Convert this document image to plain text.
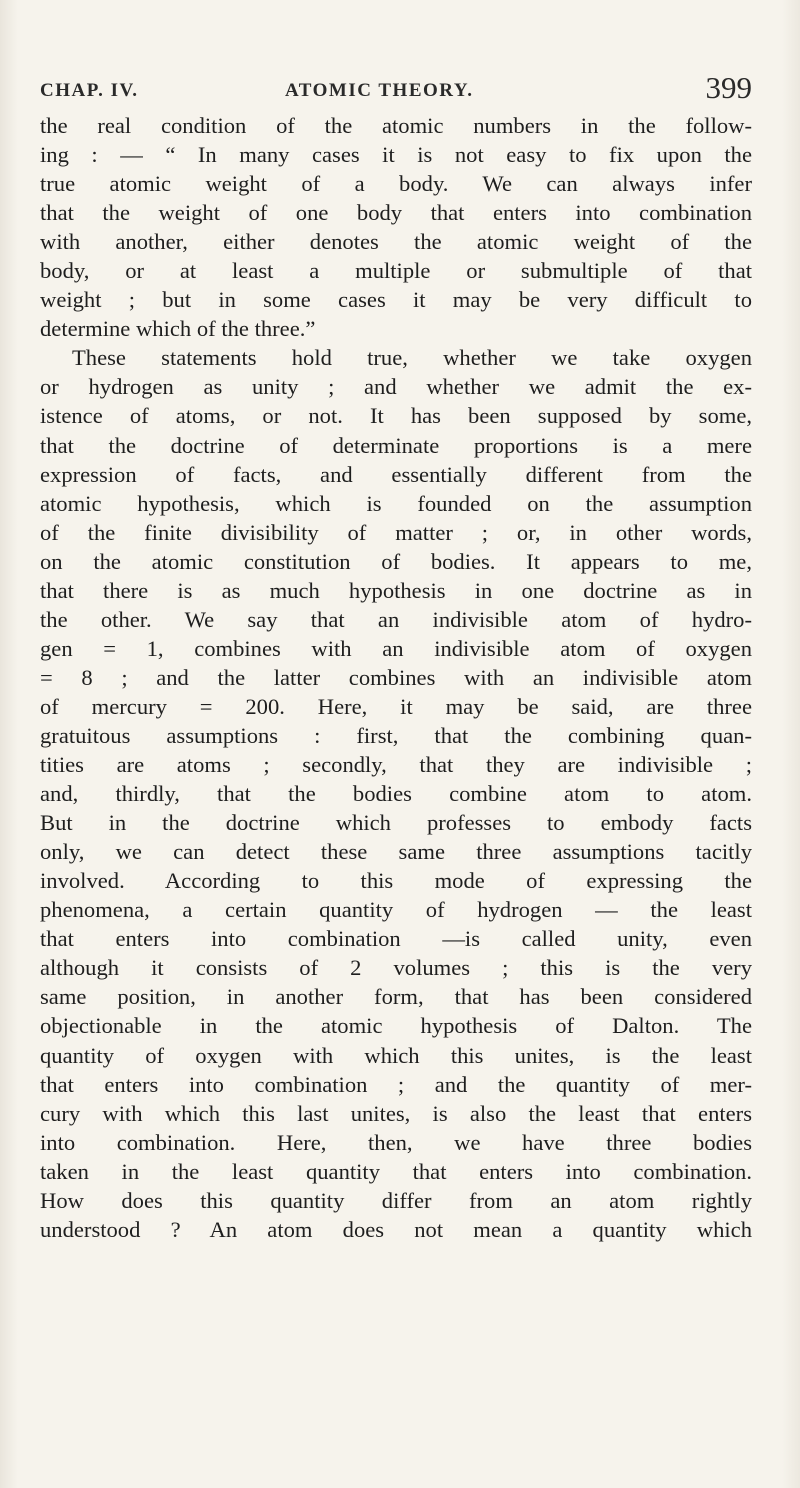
CHAP. IV.	ATOMIC THEORY.	399
the real condition of the atomic numbers in the follow-
ing : — “ In many cases it is not easy to fix upon the
true atomic weight of a body. We can always infer
that the weight of one body that enters into combination
with another, either denotes the atomic weight of the
body, or at least a multiple or submultiple of that
weight ; but in some cases it may be very difficult to
determine which of the three.”
These statements hold true, whether we take oxygen
or hydrogen as unity ; and whether we admit the ex-
istence of atoms, or not. It has been supposed by some,
that the doctrine of determinate proportions is a mere
expression of facts, and essentially different from the
atomic hypothesis, which is founded on the assumption
of the finite divisibility of matter ; or, in other words,
on the atomic constitution of bodies. It appears to me,
that there is as much hypothesis in one doctrine as in
the other. We say that an indivisible atom of hydro-
gen = 1, combines with an indivisible atom of oxygen
= 8 ; and the latter combines with an indivisible atom
of mercury = 200. Here, it may be said, are three
gratuitous assumptions : first, that the combining quan-
tities are atoms ; secondly, that they are indivisible ;
and, thirdly, that the bodies combine atom to atom.
But in the doctrine which professes to embody facts
only, we can detect these same three assumptions tacitly
involved. According to this mode of expressing the
phenomena, a certain quantity of hydrogen — the least
that enters into combination —is called unity, even
although it consists of 2 volumes ; this is the very
same position, in another form, that has been considered
objectionable in the atomic hypothesis of Dalton. The
quantity of oxygen with which this unites, is the least
that enters into combination ; and the quantity of mer-
cury with which this last unites, is also the least that enters
into combination. Here, then, we have three bodies
taken in the least quantity that enters into combination.
How does this quantity differ from an atom rightly
understood ? An atom does not mean a quantity which
